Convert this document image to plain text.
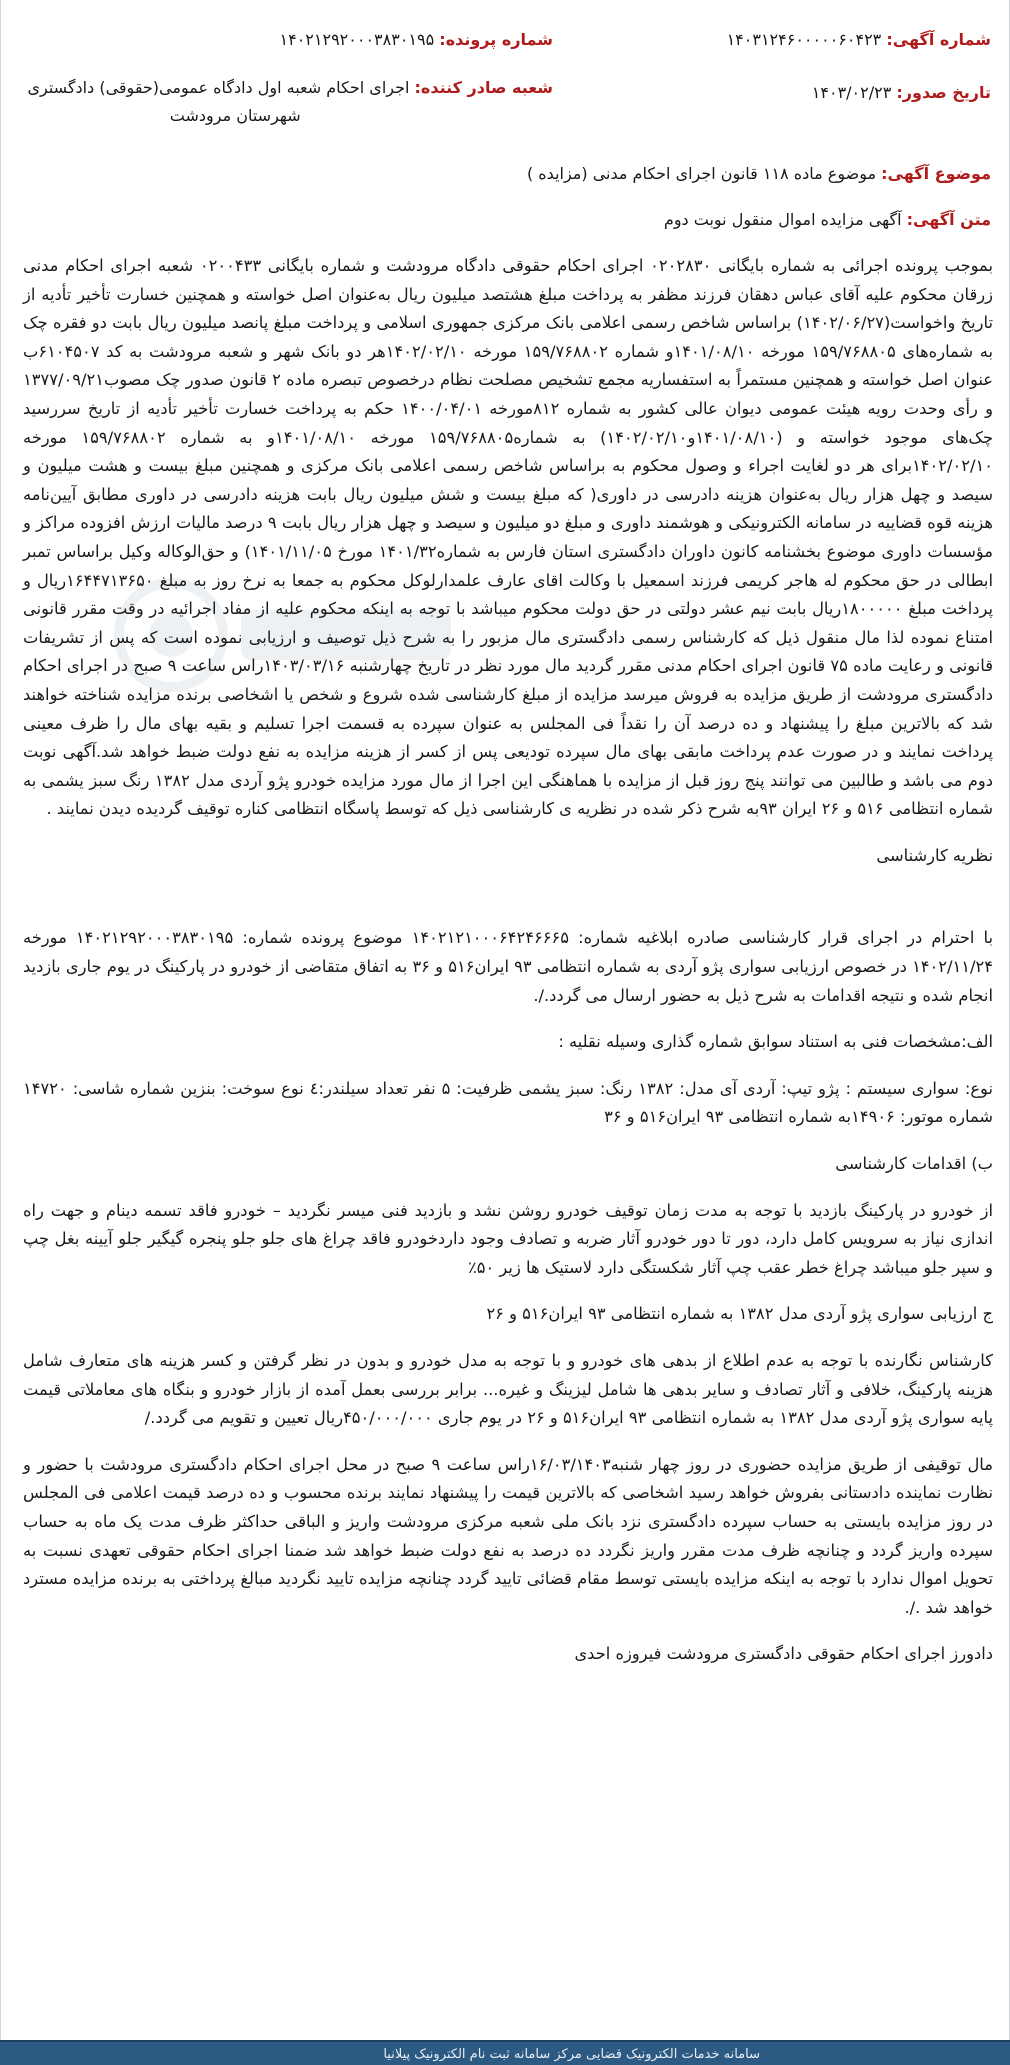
شماره آگهی: ۱۴۰۳۱۲۴۶۰۰۰۰۰۶۰۴۲۳
تاریخ صدور: ۱۴۰۳/۰۲/۲۳
شماره پرونده: ۱۴۰۲۱۲۹۲۰۰۰۳۸۳۰۱۹۵
شعبه صادر کننده: اجرای احکام شعبه اول دادگاه عمومی(حقوقی) دادگستری
شهرستان مرودشت
موضوع آگهی: موضوع ماده ۱۱۸ قانون اجرای احکام مدنی (مزایده )
متن آگهی: آگهی مزایده اموال منقول نوبت دوم

بموجب پرونده اجرائی به شماره بایگانی ۰۲۰۲۸۳۰ اجرای احکام حقوقی دادگاه مرودشت و شماره بایگانی ۰۲۰۰۴۳۳ شعبه اجرای احکام مدنی زرقان محکوم علیه آقای عباس دهقان فرزند مظفر به پرداخت مبلغ هشتصد میلیون ریال به‌عنوان اصل خواسته و همچنین خسارت تأخیر تأدیه از تاریخ واخواست(۱۴۰۲/۰۶/۲۷) براساس شاخص رسمی اعلامی بانک مرکزی جمهوری اسلامی و پرداخت مبلغ پانصد میلیون ریال بابت دو فقره چک به شماره‌های ۱۵۹/۷۶۸۸۰۵ مورخه ۱۴۰۱/۰۸/۱۰و شماره ۱۵۹/۷۶۸۸۰۲ مورخه ۱۴۰۲/۰۲/۱۰هر دو بانک شهر و شعبه مرودشت به کد ۶۱۰۴۵۰۷ب عنوان اصل خواسته و همچنین مستمراً به استفساریه مجمع تشخیص مصلحت نظام درخصوص تبصره ماده ۲ قانون صدور چک مصوب۱۳۷۷/۰۹/۲۱ و رأی وحدت رویه هیئت عمومی دیوان عالی کشور به شماره ۸۱۲مورخه ۱۴۰۰/۰۴/۰۱ حکم به پرداخت خسارت تأخیر تأدیه از تاریخ سررسید چک‌های موجود خواسته و (۱۴۰۱/۰۸/۱۰و۱۴۰۲/۰۲/۱۰) به شماره۱۵۹/۷۶۸۸۰۵ مورخه ۱۴۰۱/۰۸/۱۰و به شماره ۱۵۹/۷۶۸۸۰۲ مورخه ۱۴۰۲/۰۲/۱۰برای هر دو لغایت اجراء و وصول محکوم به براساس شاخص رسمی اعلامی بانک مرکزی و همچنین مبلغ بیست و هشت میلیون و سیصد و چهل هزار ریال به‌عنوان هزینه دادرسی در داوری( که مبلغ بیست و شش میلیون ریال بابت هزینه دادرسی در داوری مطابق آیین‌نامه هزینه قوه قضاییه در سامانه الکترونیکی و هوشمند داوری و مبلغ دو میلیون و سیصد و چهل هزار ریال بابت ۹ درصد مالیات ارزش افزوده مراکز و مؤسسات داوری موضوع بخشنامه کانون داوران دادگستری استان فارس به شماره۱۴۰۱/۳۲ مورخ ۱۴۰۱/۱۱/۰۵) و حق‌الوکاله وکیل براساس تمبر ابطالی در حق محکوم له هاجر کریمی فرزند اسمعیل با وکالت اقای عارف علمدارلوکل محکوم به جمعا به نرخ روز به مبلغ ۱۶۴۴۷۱۳۶۵۰ریال و پرداخت مبلغ ۱۸۰۰۰۰۰ریال بابت نیم عشر دولتی در حق دولت محکوم میباشد با توجه به اینکه محکوم علیه از مفاد اجرائیه در وقت مقرر قانونی امتناع نموده لذا مال منقول ذیل که کارشناس رسمی دادگستری مال مزبور را به شرح ذیل توصیف و ارزیابی نموده است که پس از تشریفات قانونی و رعایت ماده ۷۵ قانون اجرای احکام مدنی مقرر گردید مال مورد نظر در تاریخ چهارشنبه ۱۴۰۳/۰۳/۱۶راس ساعت ۹ صبح در اجرای احکام دادگستری مرودشت از طریق مزایده به فروش میرسد مزایده از مبلغ کارشناسی شده شروع و شخص یا اشخاصی برنده مزایده شناخته خواهند شد که بالاترین مبلغ را پیشنهاد و ده درصد آن را نقداً فی المجلس به عنوان سپرده به قسمت اجرا تسلیم و بقیه بهای مال را ظرف معینی پرداخت نمایند و در صورت عدم پرداخت مابقی بهای مال سپرده تودیعی پس از کسر از هزینه مزایده به نفع دولت ضبط خواهد شد.آگهی نوبت دوم می باشد و طالبین می توانند پنج روز قبل از مزایده با هماهنگی این اجرا از مال مورد مزایده خودرو پژو آردی مدل ۱۳۸۲ رنگ سبز یشمی به شماره انتظامی ۵۱۶ و ۲۶ ایران ۹۳به شرح ذکر شده در نظریه ی کارشناسی ذیل که توسط پاسگاه انتظامی کناره توقیف گردیده دیدن نمایند .

نظریه کارشناسی

با احترام در اجرای قرار کارشناسی صادره ابلاغیه شماره: ۱۴۰۲۱۲۱۰۰۰۶۴۲۴۶۶۶۵ موضوع پرونده شماره: ۱۴۰۲۱۲۹۲۰۰۰۳۸۳۰۱۹۵ مورخه ۱۴۰۲/۱۱/۲۴ در خصوص ارزیابی سواری پژو آردی به شماره انتظامی ۹۳ ایران۵۱۶ و ۳۶ به اتفاق متقاضی از خودرو در پارکینگ در یوم جاری بازدید انجام شده و نتیجه اقدامات به شرح ذیل به حضور ارسال می گردد./.

الف:مشخصات فنی به استناد سوابق شماره گذاری وسیله نقلیه :

نوع: سواری سیستم : پژو تیپ: آردی آی مدل: ۱۳۸۲ رنگ: سبز یشمی ظرفیت: ۵ نفر تعداد سیلندر:٤ نوع سوخت: بنزین شماره شاسی: ۱۴۷۲۰ شماره موتور: ۱۴۹۰۶به شماره انتظامی ۹۳ ایران۵۱۶ و ۳۶

ب) اقدامات کارشناسی

از خودرو در پارکینگ بازدید با توجه به مدت زمان توقیف خودرو روشن نشد و بازدید فنی میسر نگردید – خودرو فاقد تسمه دینام و جهت راه اندازی نیاز به سرویس کامل دارد، دور تا دور خودرو آثار ضربه و تصادف وجود داردخودرو فاقد چراغ های جلو جلو پنجره گیگیر جلو آیینه بغل چپ و سپر جلو میباشد چراغ خطر عقب چپ آثار شکستگی دارد لاستیک ها زیر ۵۰٪

ج ارزیابی سواری پژو آردی مدل ۱۳۸۲ به شماره انتظامی ۹۳ ایران۵۱۶ و ۲۶

کارشناس نگارنده با توجه به عدم اطلاع از بدهی های خودرو و با توجه به مدل خودرو و بدون در نظر گرفتن و کسر هزینه های متعارف شامل هزینه پارکینگ، خلافی و آثار تصادف و سایر بدهی ها شامل لیزینگ و غیره... برابر بررسی بعمل آمده از بازار خودرو و بنگاه های معاملاتی قیمت پایه سواری پژو آردی مدل ۱۳۸۲ به شماره انتظامی ۹۳ ایران۵۱۶ و ۲۶ در یوم جاری ۴۵۰/۰۰۰/۰۰۰ریال تعیین و تقویم می گردد./

مال توقیفی از طریق مزایده حضوری در روز چهار شنبه۱۶/۰۳/۱۴۰۳راس ساعت ۹ صبح در محل اجرای احکام دادگستری مرودشت با حضور و نظارت نماینده دادستانی بفروش خواهد رسید اشخاصی که بالاترین قیمت را پیشنهاد نمایند برنده محسوب و ده درصد قیمت اعلامی فی المجلس در روز مزایده بایستی به حساب سپرده دادگستری نزد بانک ملی شعبه مرکزی مرودشت واریز و الباقی حداکثر ظرف مدت یک ماه به حساب سپرده واریز گردد و چنانچه ظرف مدت مقرر واریز نگردد ده درصد به نفع دولت ضبط خواهد شد ضمنا اجرای احکام حقوقی تعهدی نسبت به تحویل اموال ندارد با توجه به اینکه مزایده بایستی توسط مقام قضائی تایید گردد چنانچه مزایده تایید نگردید مبالغ پرداختی به برنده مزایده مسترد خواهد شد ./.

دادورز اجرای احکام حقوقی دادگستری مرودشت فیروزه احدی

سامانه خدمات الکترونیک قضایی مرکز سامانه ثبت نام الکترونیک پیلانیا
